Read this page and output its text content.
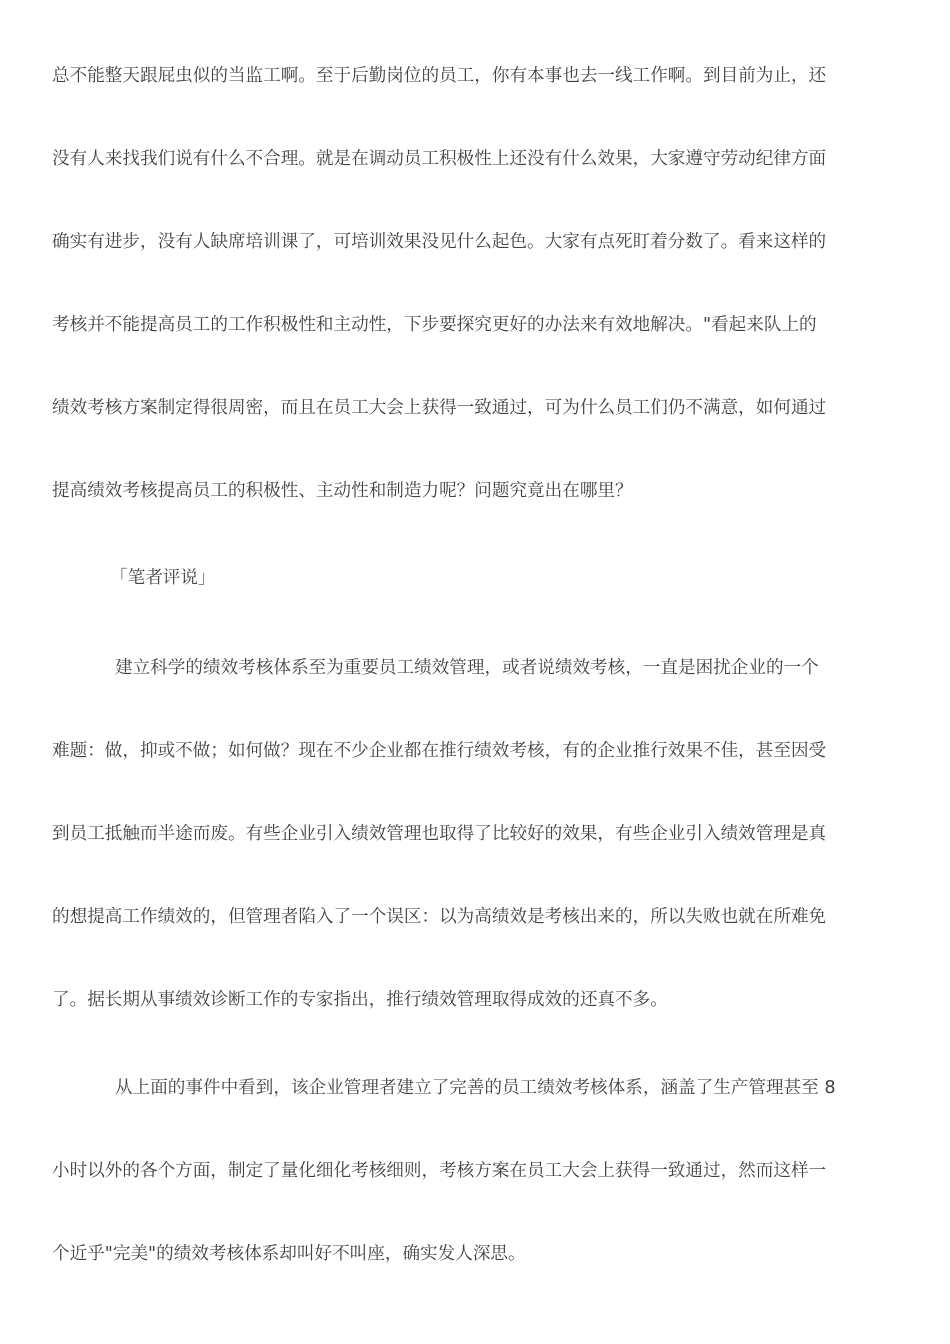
总不能整天跟屁虫似的当监工啊。至于后勤岗位的员工，你有本事也去一线工作啊。到目前为止，还
没有人来找我们说有什么不合理。就是在调动员工积极性上还没有什么效果，大家遵守劳动纪律方面
确实有进步，没有人缺席培训课了，可培训效果没见什么起色。大家有点死盯着分数了。看来这样的
考核并不能提高员工的工作积极性和主动性，下步要探究更好的办法来有效地解决。"看起来队上的
绩效考核方案制定得很周密，而且在员工大会上获得一致通过，可为什么员工们仍不满意，如何通过
提高绩效考核提高员工的积极性、主动性和制造力呢？问题究竟出在哪里？
「笔者评说」
建立科学的绩效考核体系至为重要员工绩效管理，或者说绩效考核，一直是困扰企业的一个
难题：做，抑或不做；如何做？现在不少企业都在推行绩效考核，有的企业推行效果不佳，甚至因受
到员工抵触而半途而废。有些企业引入绩效管理也取得了比较好的效果，有些企业引入绩效管理是真
的想提高工作绩效的，但管理者陷入了一个误区：以为高绩效是考核出来的，所以失败也就在所难免
了。据长期从事绩效诊断工作的专家指出，推行绩效管理取得成效的还真不多。
从上面的事件中看到，该企业管理者建立了完善的员工绩效考核体系，涵盖了生产管理甚至 8
小时以外的各个方面，制定了量化细化考核细则，考核方案在员工大会上获得一致通过，然而这样一
个近乎"完美"的绩效考核体系却叫好不叫座，确实发人深思。
